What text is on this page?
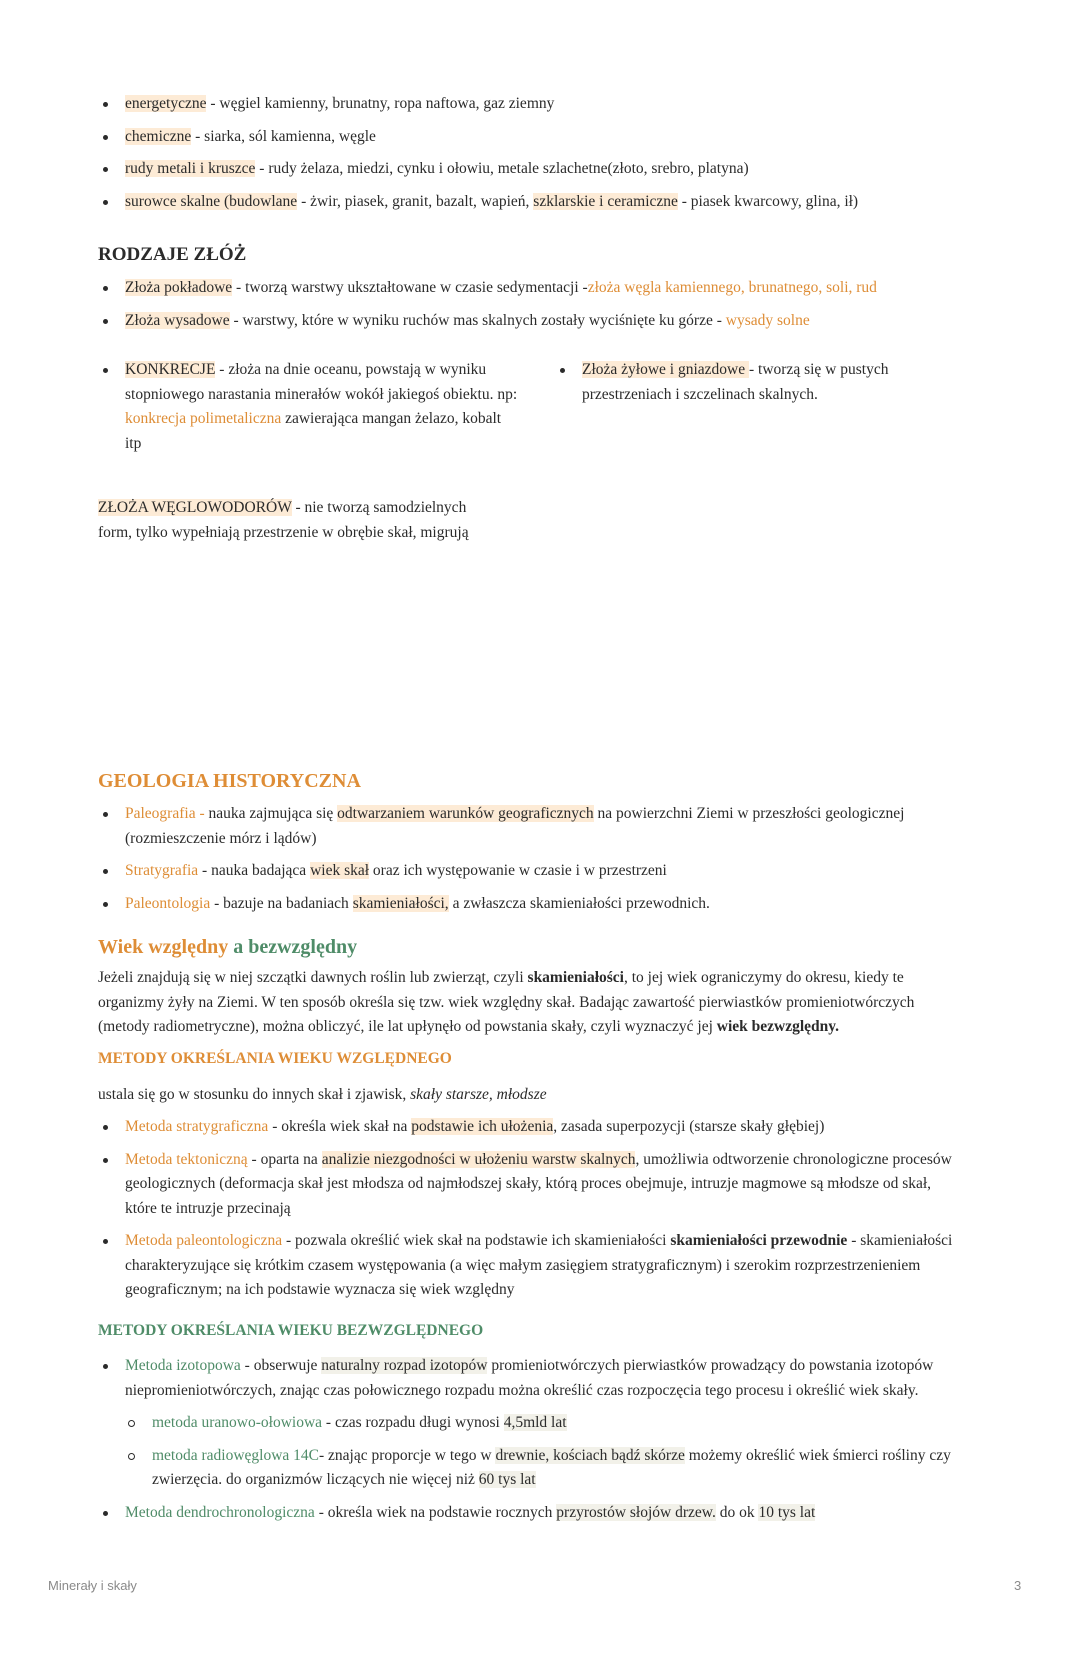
energetyczne - węgiel kamienny, brunatny, ropa naftowa, gaz ziemny
chemiczne - siarka, sól kamienna, węgle
rudy metali i kruszce - rudy żelaza, miedzi, cynku i ołowiu, metale szlachetne(złoto, srebro, platyna)
surowce skalne (budowlane - żwir, piasek, granit, bazalt, wapień, szklarskie i ceramiczne - piasek kwarcowy, glina, ił)
RODZAJE ZŁÓŻ
Złoża pokładowe - tworzą warstwy ukształtowane w czasie sedymentacji -złoża węgla kamiennego, brunatnego, soli, rud
Złoża wysadowe - warstwy, które w wyniku ruchów mas skalnych zostały wyciśnięte ku górze - wysady solne
KONKRECJE - złoża na dnie oceanu, powstają w wyniku stopniowego narastania minerałów wokół jakiegoś obiektu. np: konkrecja polimetaliczna zawierająca mangan żelazo, kobalt itp
Złoża żyłowe i gniazdowe - tworzą się w pustych przestrzeniach i szczelinach skalnych.

ZŁOŻA WĘGLOWODORÓW - nie tworzą samodzielnych form, tylko wypełniają przestrzenie w obrębie skał, migrują

GEOLOGIA HISTORYCZNA
Paleografia - nauka zajmująca się odtwarzaniem warunków geograficznych na powierzchni Ziemi w przeszłości geologicznej (rozmieszczenie mórz i lądów)
Stratygrafia - nauka badająca wiek skał oraz ich występowanie w czasie i w przestrzeni
Paleontologia - bazuje na badaniach skamieniałości, a zwłaszcza skamieniałości przewodnich.
Wiek względny a bezwzględny

Jeżeli znajdują się w niej szczątki dawnych roślin lub zwierząt, czyli skamieniałości, to jej wiek ograniczymy do okresu, kiedy te organizmy żyły na Ziemi. W ten sposób określa się tzw. wiek względny skał. Badając zawartość pierwiastków promieniotwórczych (metody radiometryczne), można obliczyć, ile lat upłynęło od powstania skały, czyli wyznaczyć jej wiek bezwzględny.

METODY OKREŚLANIA WIEKU WZGLĘDNEGO

ustala się go w stosunku do innych skał i zjawisk, skały starsze, młodsze

Metoda stratygraficzna - określa wiek skał na podstawie ich ułożenia, zasada superpozycji (starsze skały głębiej)
Metoda tektoniczną - oparta na analizie niezgodności w ułożeniu warstw skalnych, umożliwia odtworzenie chronologiczne procesów geologicznych (deformacja skał jest młodsza od najmłodszej skały, którą proces obejmuje, intruzje magmowe są młodsze od skał, które te intruzje przecinają
Metoda paleontologiczna - pozwala określić wiek skał na podstawie ich skamieniałości skamieniałości przewodnie - skamieniałości charakteryzujące się krótkim czasem występowania (a więc małym zasięgiem stratygraficznym) i szerokim rozprzestrzenieniem geograficznym; na ich podstawie wyznacza się wiek względny
METODY OKREŚLANIA WIEKU BEZWZGLĘDNEGO
Metoda izotopowa - obserwuje naturalny rozpad izotopów promieniotwórczych pierwiastków prowadzący do powstania izotopów niepromieniotwórczych, znając czas połowicznego rozpadu można określić czas rozpoczęcia tego procesu i określić wiek skały.
metoda uranowo-ołowiowa - czas rozpadu długi wynosi 4,5mld lat
metoda radiowęglowa 14C- znając proporcje w tego w drewnie, kościach bądź skórze możemy określić wiek śmierci rośliny czy zwierzęcia. do organizmów liczących nie więcej niż 60 tys lat
Metoda dendrochronologiczna - określa wiek na podstawie rocznych przyrostów słojów drzew. do ok 10 tys lat
Minerały i skały	3
